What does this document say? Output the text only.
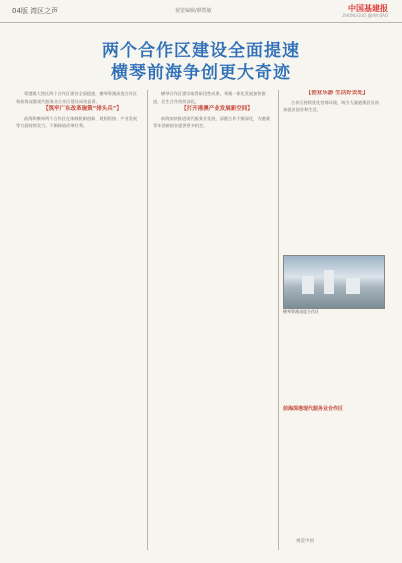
04版 湾区之声	视觉编辑/颜凯敏	中国基建报
ZHONGGUO JIJIAN BAO
两个合作区建设全面提速
横琴前海争创更大奇迹

粤港澳大湾区两个合作区建设全面提速，横琴粤澳深度合作区和前海深港现代服务业合作区建设成效显著。

【筑牢广东改革施策“排头兵”】

前海和横琴两个合作区在体制机制创新、规则衔接、产业发展等方面持续发力，不断释放改革红利。

横琴合作区建设取得阶段性成果，琴澳一体化发展加快推进，民生合作持续深化。

【打开港澳产业发展新空间】

前海加快推进现代服务业发展，深港合作不断深化，为港澳青年创新创业提供更多机会。

【创业乐游 生活好去处】

合作区持续优化营商环境，吸引大量港澳居民前来就业创业和生活。

横琴粤澳深度合作区
前海深港现代服务业合作区
视觉中国
